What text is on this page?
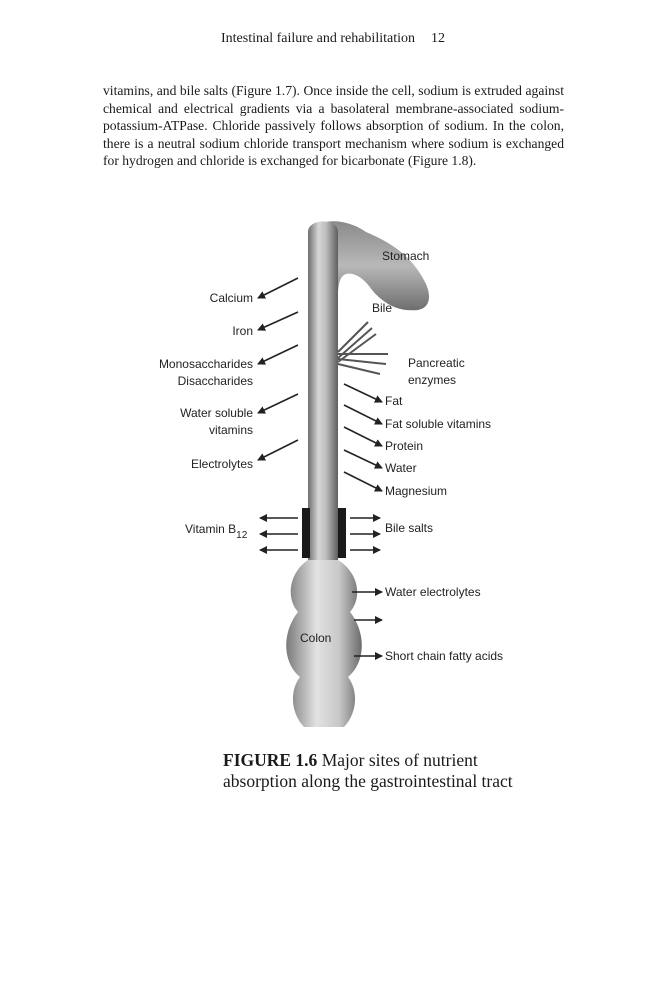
Intestinal failure and rehabilitation 12

vitamins, and bile salts (Figure 1.7). Once inside the cell, sodium is extruded against chemical and electrical gradients via a basolateral membrane-associated sodium-potassium-ATPase. Chloride passively follows absorption of sodium. In the colon, there is a neutral sodium chloride transport mechanism where sodium is exchanged for hydrogen and chloride is exchanged for bicarbonate (Figure 1.8).

Stomach
Bile
Pancreatic
enzymes
Colon
Calcium
Iron
Monosaccharides
Disaccharides
Water soluble
vitamins
Electrolytes
Vitamin $B_{12}$
Fat
Fat soluble vitamins
Protein
Water
Magnesium
Bile salts
Water electrolytes
Short chain fatty acids
FIGURE 1.6 Major sites of nutrient absorption along the gastrointestinal tract
